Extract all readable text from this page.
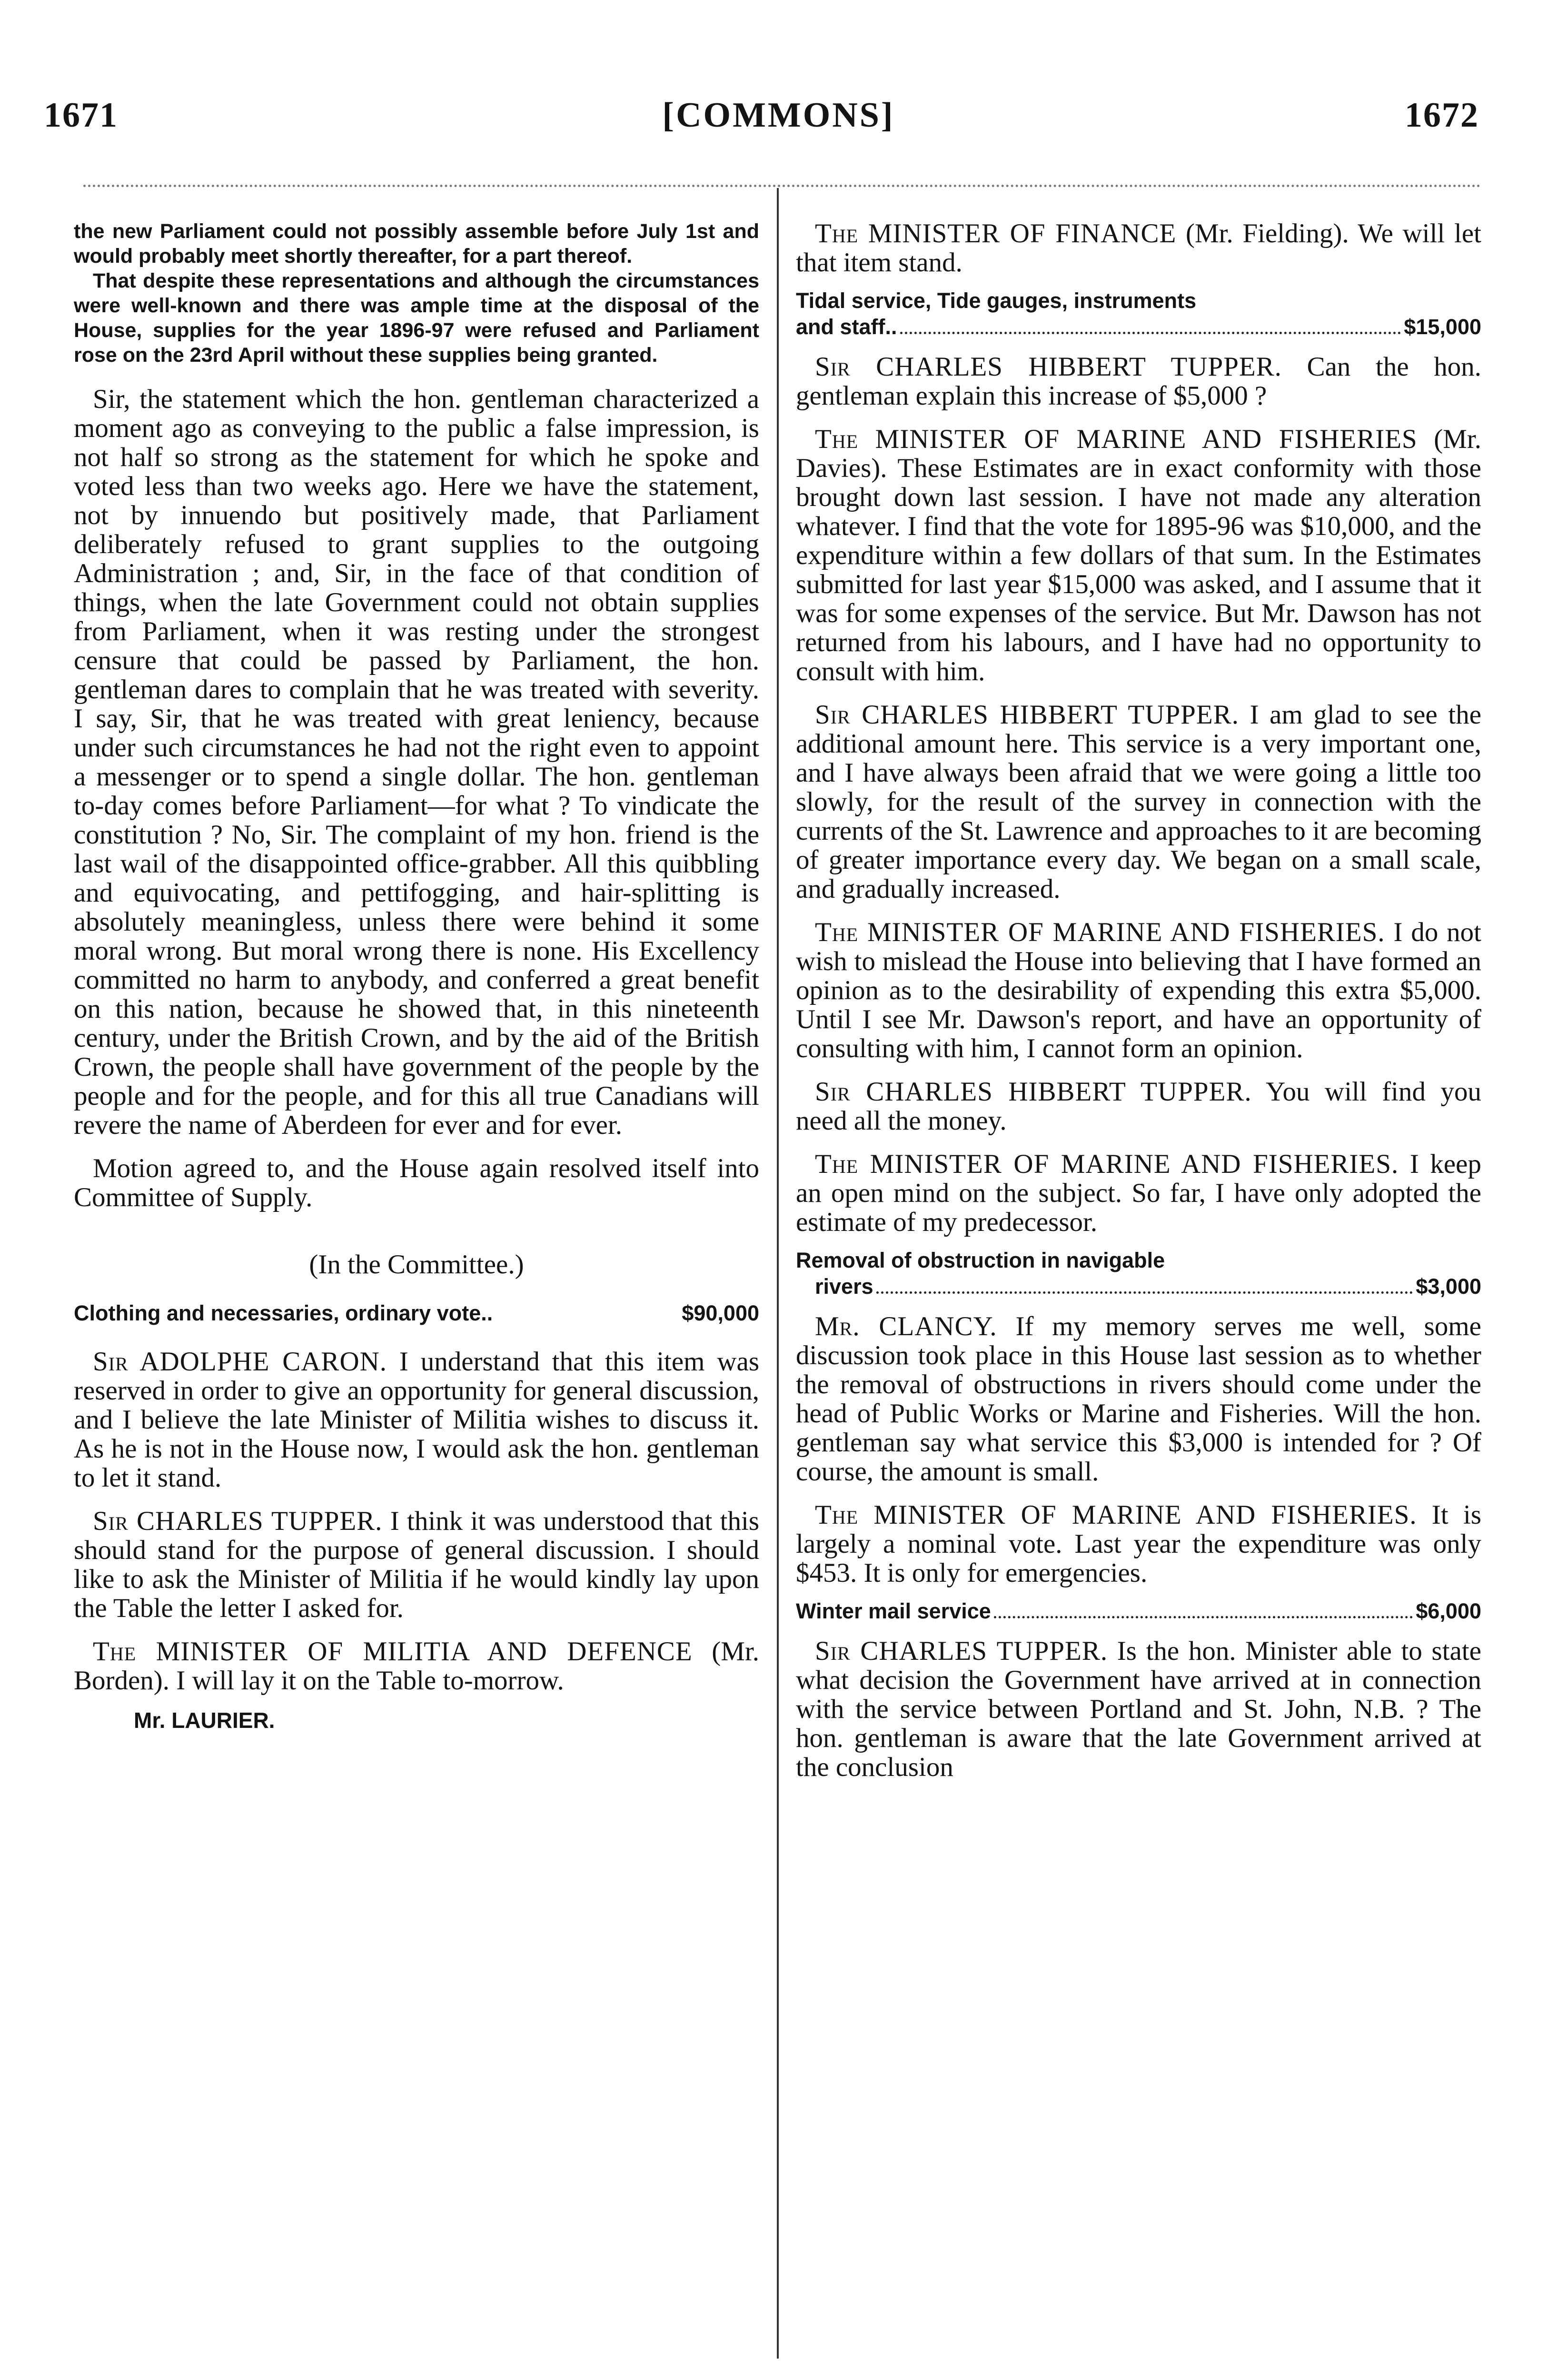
1671	[COMMONS]	1672

the new Parliament could not possibly assemble before July 1st and would probably meet shortly thereafter, for a part thereof.

That despite these representations and although the circumstances were well-known and there was ample time at the disposal of the House, supplies for the year 1896-97 were refused and Parliament rose on the 23rd April without these supplies being granted.

Sir, the statement which the hon. gentleman characterized a moment ago as conveying to the public a false impression, is not half so strong as the statement for which he spoke and voted less than two weeks ago. Here we have the statement, not by innuendo but positively made, that Parliament deliberately refused to grant supplies to the outgoing Administration ; and, Sir, in the face of that condition of things, when the late Government could not obtain supplies from Parliament, when it was resting under the strongest censure that could be passed by Parliament, the hon. gentleman dares to complain that he was treated with severity. I say, Sir, that he was treated with great leniency, because under such circumstances he had not the right even to appoint a messenger or to spend a single dollar. The hon. gentleman to-day comes before Parliament—for what ? To vindicate the constitution ? No, Sir. The complaint of my hon. friend is the last wail of the disappointed office-grabber. All this quibbling and equivocating, and pettifogging, and hair-splitting is absolutely meaningless, unless there were behind it some moral wrong. But moral wrong there is none. His Excellency committed no harm to anybody, and conferred a great benefit on this nation, because he showed that, in this nineteenth century, under the British Crown, and by the aid of the British Crown, the people shall have government of the people by the people and for the people, and for this all true Canadians will revere the name of Aberdeen for ever and for ever.

Motion agreed to, and the House again resolved itself into Committee of Supply.

(In the Committee.)

Clothing and necessaries, ordinary vote..	$90,000

Sir ADOLPHE CARON. I understand that this item was reserved in order to give an opportunity for general discussion, and I believe the late Minister of Militia wishes to discuss it. As he is not in the House now, I would ask the hon. gentleman to let it stand.

Sir CHARLES TUPPER. I think it was understood that this should stand for the purpose of general discussion. I should like to ask the Minister of Militia if he would kindly lay upon the Table the letter I asked for.

The MINISTER OF MILITIA AND DEFENCE (Mr. Borden). I will lay it on the Table to-morrow.

Mr. LAURIER.

The MINISTER OF FINANCE (Mr. Fielding). We will let that item stand.

Tidal service, Tide gauges, instruments
and staff..	$15,000

Sir CHARLES HIBBERT TUPPER. Can the hon. gentleman explain this increase of $5,000 ?

The MINISTER OF MARINE AND FISHERIES (Mr. Davies). These Estimates are in exact conformity with those brought down last session. I have not made any alteration whatever. I find that the vote for 1895-96 was $10,000, and the expenditure within a few dollars of that sum. In the Estimates submitted for last year $15,000 was asked, and I assume that it was for some expenses of the service. But Mr. Dawson has not returned from his labours, and I have had no opportunity to consult with him.

Sir CHARLES HIBBERT TUPPER. I am glad to see the additional amount here. This service is a very important one, and I have always been afraid that we were going a little too slowly, for the result of the survey in connection with the currents of the St. Lawrence and approaches to it are becoming of greater importance every day. We began on a small scale, and gradually increased.

The MINISTER OF MARINE AND FISHERIES. I do not wish to mislead the House into believing that I have formed an opinion as to the desirability of expending this extra $5,000. Until I see Mr. Dawson's report, and have an opportunity of consulting with him, I cannot form an opinion.

Sir CHARLES HIBBERT TUPPER. You will find you need all the money.

The MINISTER OF MARINE AND FISHERIES. I keep an open mind on the subject. So far, I have only adopted the estimate of my predecessor.

Removal of obstruction in navigable
rivers	$3,000

Mr. CLANCY. If my memory serves me well, some discussion took place in this House last session as to whether the removal of obstructions in rivers should come under the head of Public Works or Marine and Fisheries. Will the hon. gentleman say what service this $3,000 is intended for ? Of course, the amount is small.

The MINISTER OF MARINE AND FISHERIES. It is largely a nominal vote. Last year the expenditure was only $453. It is only for emergencies.

Winter mail service	$6,000

Sir CHARLES TUPPER. Is the hon. Minister able to state what decision the Government have arrived at in connection with the service between Portland and St. John, N.B. ? The hon. gentleman is aware that the late Government arrived at the conclusion
